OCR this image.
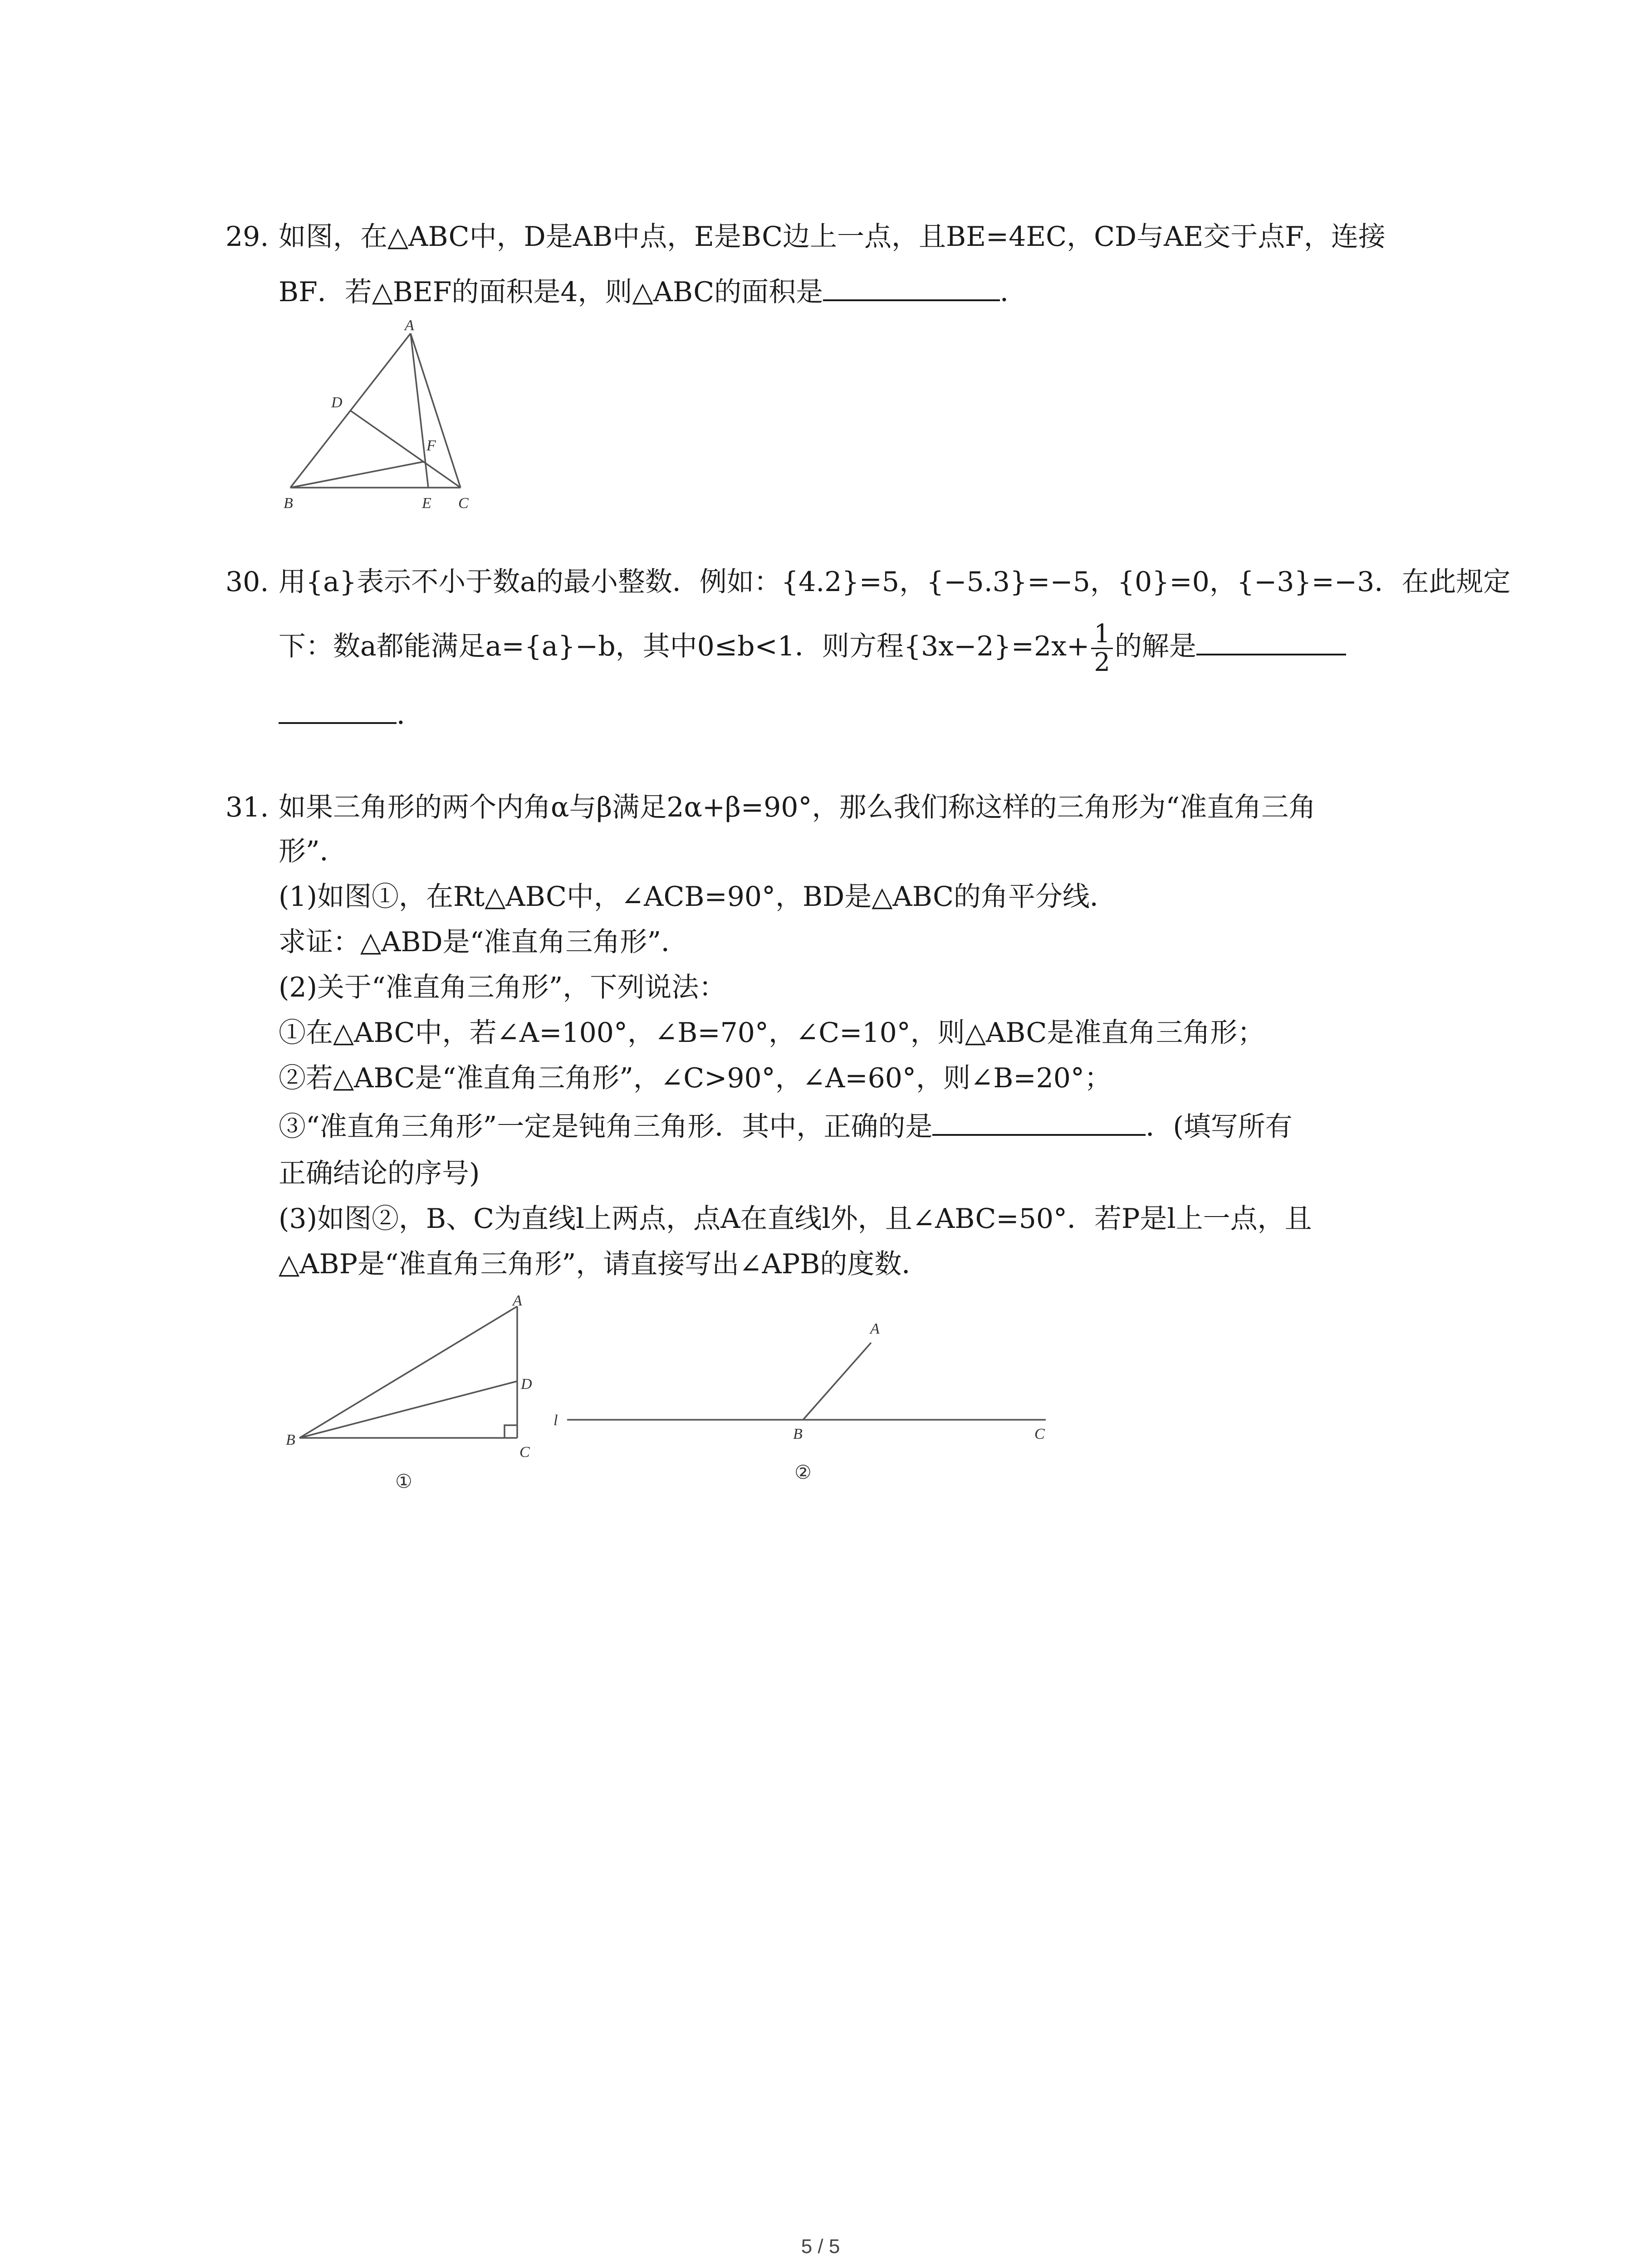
29. 如图，在△ABC中，D是AB中点，E是BC边上一点，且BE=4EC，CD与AE交于点F，连接
BF．若△BEF的面积是4，则△ABC的面积是	．
A
D
F
B	E C
30. 用{a}表示不小于数a的最小整数．例如：{4.2}=5，{−5.3}=−5，{0}=0，{−3}=−3．在此规定
下：数a都能满足a={a}−b，其中0≤b<1．则方程$\{3x-2\}=2x+ \frac{1}{2}$ 的解是
．
31. 如果三角形的两个内角α与β满足2α+β=90°，那么我们称这样的三角形为“准直角三角
形”．
(1)如图①，在Rt△ABC中，∠ACB=90°，BD是△ABC的角平分线．
求证：△ABD是“准直角三角形”．
(2)关于“准直角三角形”，下列说法：
①在△ABC中，若∠A=100°，∠B=70°，∠C=10°，则△ABC是准直角三角形；
②若△ABC是“准直角三角形”，∠C>90°，∠A=60°，则∠B=20°；
③“准直角三角形”一定是钝角三角形．其中，正确的是	．(填写所有
正确结论的序号)
(3)如图②，B、C为直线l上两点，点A在直线l外，且∠ABC=50°．若P是l上一点，且
△ABP是“准直角三角形”，请直接写出∠APB的度数．
A
D
B
C
①
A
l
B	C
②
5 / 5
